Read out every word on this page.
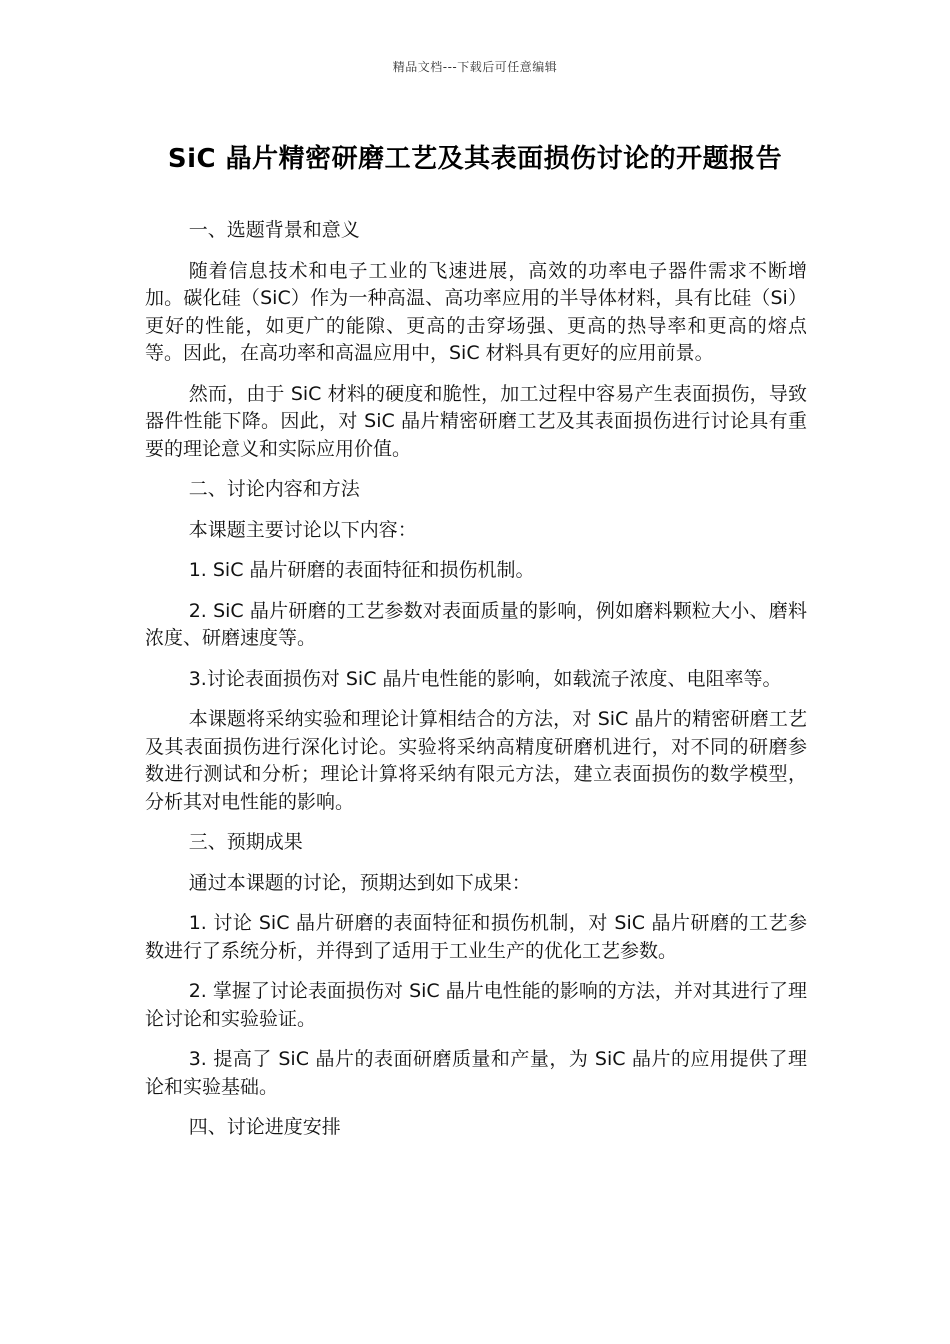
精品文档---下载后可任意编辑
SiC 晶片精密研磨工艺及其表面损伤讨论的开题报告

一、选题背景和意义

随着信息技术和电子工业的飞速进展，高效的功率电子器件需求不断增加。碳化硅（SiC）作为一种高温、高功率应用的半导体材料，具有比硅（Si）更好的性能，如更广的能隙、更高的击穿场强、更高的热导率和更高的熔点等。因此，在高功率和高温应用中，SiC 材料具有更好的应用前景。

然而，由于 SiC 材料的硬度和脆性，加工过程中容易产生表面损伤，导致器件性能下降。因此，对 SiC 晶片精密研磨工艺及其表面损伤进行讨论具有重要的理论意义和实际应用价值。

二、讨论内容和方法

本课题主要讨论以下内容：

1. SiC 晶片研磨的表面特征和损伤机制。

2. SiC 晶片研磨的工艺参数对表面质量的影响，例如磨料颗粒大小、磨料浓度、研磨速度等。

3.讨论表面损伤对 SiC 晶片电性能的影响，如载流子浓度、电阻率等。

本课题将采纳实验和理论计算相结合的方法，对 SiC 晶片的精密研磨工艺及其表面损伤进行深化讨论。实验将采纳高精度研磨机进行，对不同的研磨参数进行测试和分析；理论计算将采纳有限元方法，建立表面损伤的数学模型，分析其对电性能的影响。

三、预期成果

通过本课题的讨论，预期达到如下成果：

1. 讨论 SiC 晶片研磨的表面特征和损伤机制，对 SiC 晶片研磨的工艺参数进行了系统分析，并得到了适用于工业生产的优化工艺参数。

2. 掌握了讨论表面损伤对 SiC 晶片电性能的影响的方法，并对其进行了理论讨论和实验验证。

3. 提高了 SiC 晶片的表面研磨质量和产量，为 SiC 晶片的应用提供了理论和实验基础。

四、讨论进度安排
